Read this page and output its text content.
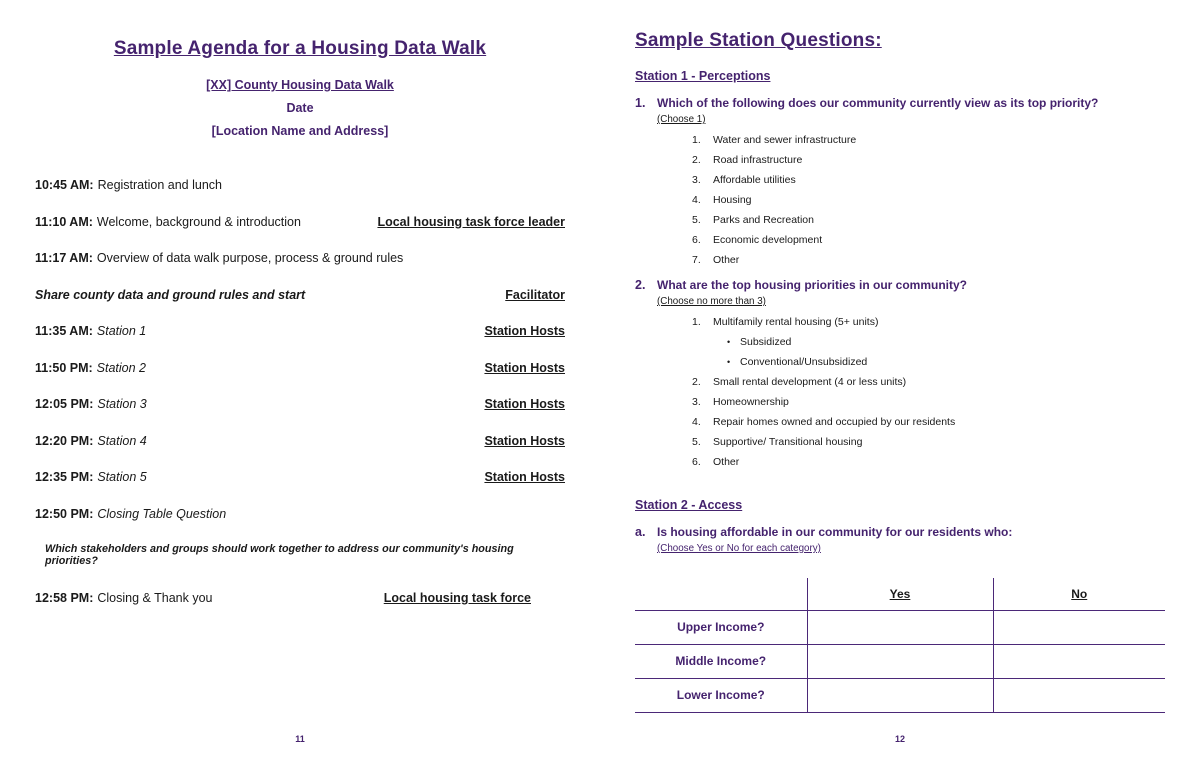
Sample Agenda for a Housing Data Walk
[XX] County Housing Data Walk
Date
[Location Name and Address]
10:45 AM: Registration and lunch
11:10 AM: Welcome, background & introduction	Local housing task force leader
11:17 AM: Overview of data walk purpose, process & ground rules
Share county data and ground rules and start	Facilitator
11:35 AM: Station 1	Station Hosts
11:50 PM: Station 2	Station Hosts
12:05 PM: Station 3	Station Hosts
12:20 PM: Station 4	Station Hosts
12:35 PM: Station 5	Station Hosts
12:50 PM: Closing Table Question
Which stakeholders and groups should work together to address our community's housing priorities?
12:58 PM: Closing & Thank you	Local housing task force
11
Sample Station Questions:
Station 1 - Perceptions
1. Which of the following does our community currently view as its top priority?
(Choose 1)
1.	Water and sewer infrastructure
2.	Road infrastructure
3.	Affordable utilities
4.	Housing
5.	Parks and Recreation
6.	Economic development
7.	Other
2. What are the top housing priorities in our community?
(Choose no more than 3)
1.	Multifamily rental housing (5+ units)
• Subsidized
• Conventional/Unsubsidized
2.	Small rental development (4 or less units)
3.	Homeownership
4.	Repair homes owned and occupied by our residents
5.	Supportive/ Transitional housing
6.	Other
Station 2 - Access
a. Is housing affordable in our community for our residents who:
(Choose Yes or No for each category)
	Yes	No
Upper Income?		
Middle Income?		
Lower Income?		
12
